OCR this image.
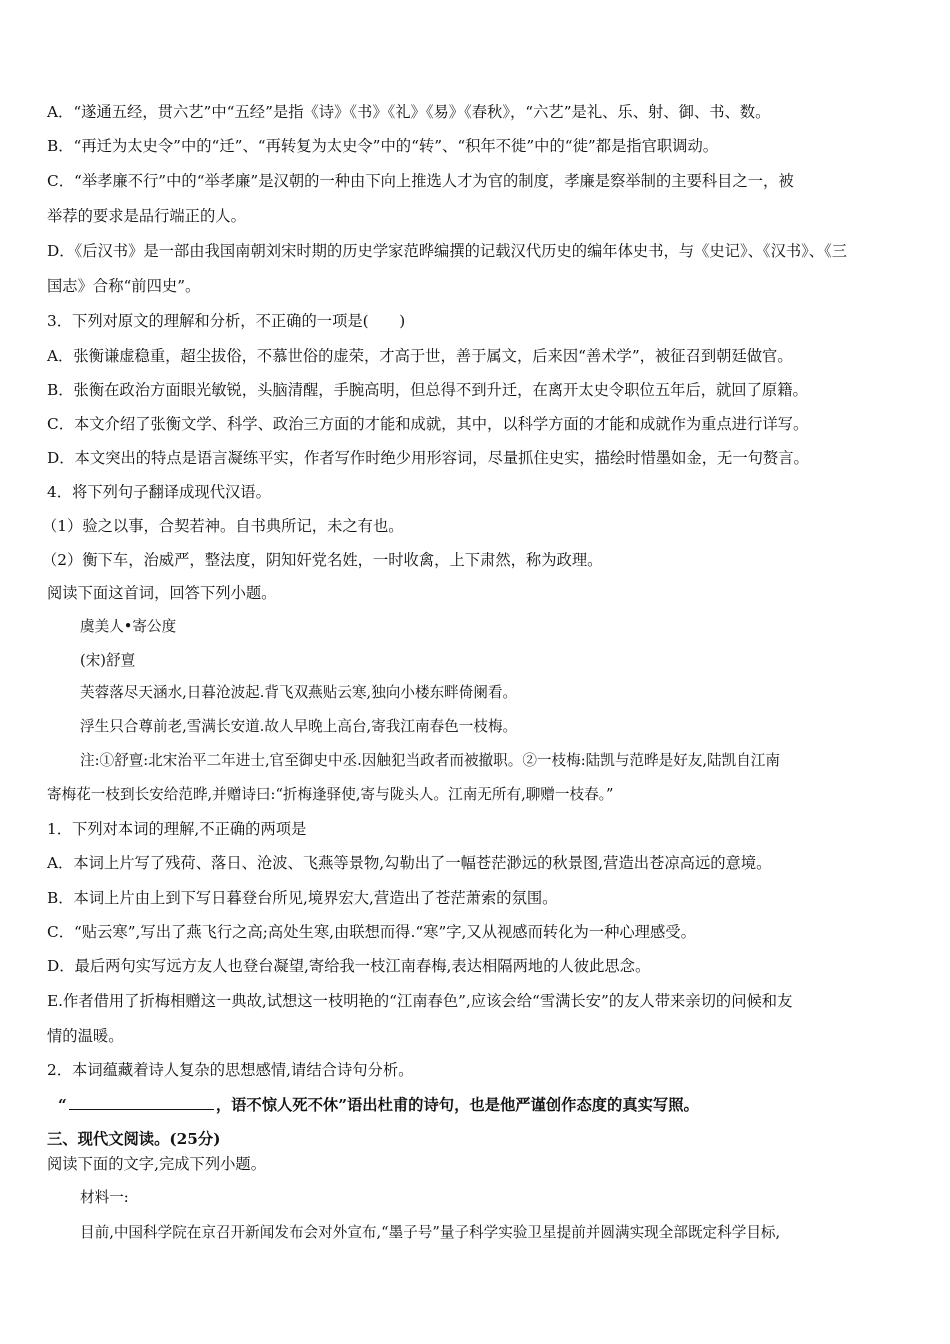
A．“遂通五经，贯六艺”中“五经”是指《诗》《书》《礼》《易》《春秋》，“六艺”是礼、乐、射、御、书、数。
B．“再迁为太史令”中的“迁”、“再转复为太史令”中的“转”、“积年不徙”中的“徙”都是指官职调动。
C．“举孝廉不行”中的“举孝廉”是汉朝的一种由下向上推选人才为官的制度，孝廉是察举制的主要科目之一，被
举荐的要求是品行端正的人。
D．《后汉书》是一部由我国南朝刘宋时期的历史学家范晔编撰的记载汉代历史的编年体史书，与《史记》、《汉书》、《三
国志》合称“前四史”。
3．下列对原文的理解和分析，不正确的一项是(　　)
A．张衡谦虚稳重，超尘拔俗，不慕世俗的虚荣，才高于世，善于属文，后来因“善术学”，被征召到朝廷做官。
B．张衡在政治方面眼光敏锐，头脑清醒，手腕高明，但总得不到升迁，在离开太史令职位五年后，就回了原籍。
C．本文介绍了张衡文学、科学、政治三方面的才能和成就，其中，以科学方面的才能和成就作为重点进行详写。
D．本文突出的特点是语言凝练平实，作者写作时绝少用形容词，尽量抓住史实，描绘时惜墨如金，无一句赘言。
4．将下列句子翻译成现代汉语。
（1）验之以事，合契若神。自书典所记，未之有也。
（2）衡下车，治威严，整法度，阴知奸党名姓，一时收禽，上下肃然，称为政理。
阅读下面这首词，回答下列小题。
虞美人•寄公度
(宋)舒亶
芙蓉落尽天涵水,日暮沧波起.背飞双燕贴云寒,独向小楼东畔倚阑看。
浮生只合尊前老,雪满长安道.故人早晚上高台,寄我江南春色一枝梅。
注:①舒亶:北宋治平二年进士,官至御史中丞.因触犯当政者而被撤职。②一枝梅:陆凯与范晔是好友,陆凯自江南
寄梅花一枝到长安给范晔,并赠诗曰:“折梅逢驿使,寄与陇头人。江南无所有,聊赠一枝春。”
1．下列对本词的理解,不正确的两项是
A．本词上片写了残荷、落日、沧波、飞燕等景物,勾勒出了一幅苍茫渺远的秋景图,营造出苍凉高远的意境。
B．本词上片由上到下写日暮登台所见,境界宏大,营造出了苍茫萧索的氛围。
C．“贴云寒”,写出了燕飞行之高;高处生寒,由联想而得.“寒”字,又从视感而转化为一种心理感受。
D．最后两句实写远方友人也登台凝望,寄给我一枝江南春梅,表达相隔两地的人彼此思念。
E.作者借用了折梅相赠这一典故,试想这一枝明艳的“江南春色”,应该会给“雪满长安”的友人带来亲切的问候和友
情的温暖。
2．本词蕴藏着诗人复杂的思想感情,请结合诗句分析。
“	，语不惊人死不休”语出杜甫的诗句，也是他严谨创作态度的真实写照。
三、现代文阅读。(25分)
阅读下面的文字,完成下列小题。
材料一:
目前,中国科学院在京召开新闻发布会对外宣布,“墨子号”量子科学实验卫星提前并圆满实现全部既定科学目标,
